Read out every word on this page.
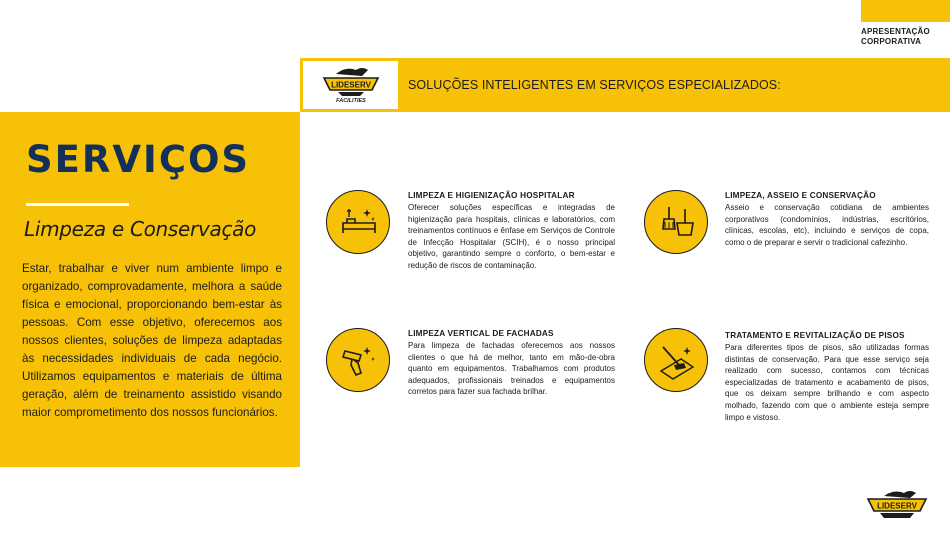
APRESENTAÇÃO
CORPORATIVA
LIDESERV
FACILITIES
SOLUÇÕES INTELIGENTES EM SERVIÇOS ESPECIALIZADOS:
SERVIÇOS
Limpeza e Conservação
Estar, trabalhar e viver num ambiente limpo e organizado, comprovadamente, melhora a saúde física e emocional, proporcionando bem-estar às pessoas. Com esse objetivo, oferecemos aos nossos clientes, soluções de limpeza adaptadas às necessidades individuais de cada negócio. Utilizamos equipamentos e materiais de última geração, além de treinamento assistido visando maior comprometimento dos nossos funcionários.
LIMPEZA E HIGIENIZAÇÃO HOSPITALAR
Oferecer soluções específicas e integradas de higienização para hospitais, clínicas e laboratórios, com treinamentos contínuos e ênfase em Serviços de Controle de Infecção Hospitalar (SCIH), é o nosso principal objetivo, garantindo sempre o conforto, o bem-estar e redução de riscos de contaminação.
LIMPEZA, ASSEIO E CONSERVAÇÃO
Asseio e conservação cotidiana de ambientes corporativos (condomínios, indústrias, escritórios, clínicas, escolas, etc), incluindo e serviços de copa, como o de preparar e servir o tradicional cafezinho.
LIMPEZA VERTICAL DE FACHADAS
Para limpeza de fachadas oferecemos aos nossos clientes o que há de melhor, tanto em mão-de-obra quanto em equipamentos. Trabalhamos com produtos adequados, profissionais treinados e equipamentos corretos para fazer sua fachada brilhar.
TRATAMENTO E REVITALIZAÇÃO DE PISOS
Para diferentes tipos de pisos, são utilizadas formas distintas de conservação. Para que esse serviço seja realizado com sucesso, contamos com técnicas especializadas de tratamento e acabamento de pisos, que os deixam sempre brilhando e com aspecto molhado, fazendo com que o ambiente esteja sempre limpo e vistoso.
LIDESERV
